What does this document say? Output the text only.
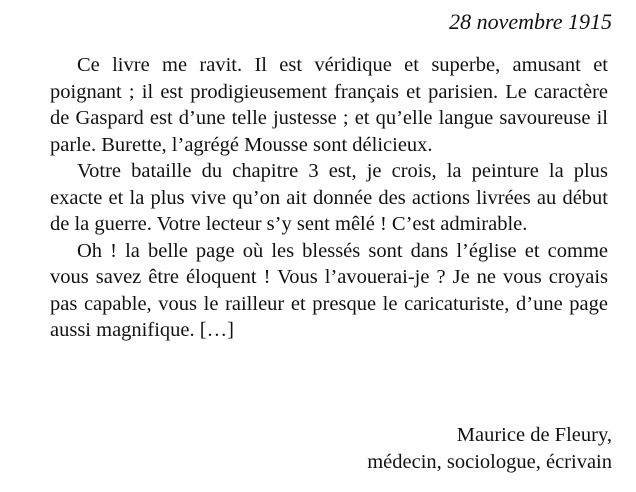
28 novembre 1915

Ce livre me ravit. Il est véridique et superbe, amusant et poignant ; il est prodigieusement français et parisien. Le caractère de Gaspard est d’une telle justesse ; et qu’elle langue savoureuse il parle. Burette, l’agrégé Mousse sont délicieux.

Votre bataille du chapitre 3 est, je crois, la peinture la plus exacte et la plus vive qu’on ait donnée des actions livrées au début de la guerre. Votre lecteur s’y sent mêlé ! C’est admirable.

Oh ! la belle page où les blessés sont dans l’église et comme vous savez être éloquent ! Vous l’avouerai-je ? Je ne vous croyais pas capable, vous le railleur et presque le caricaturiste, d’une page aussi magnifique. […]

Maurice de Fleury,
médecin, sociologue, écrivain
